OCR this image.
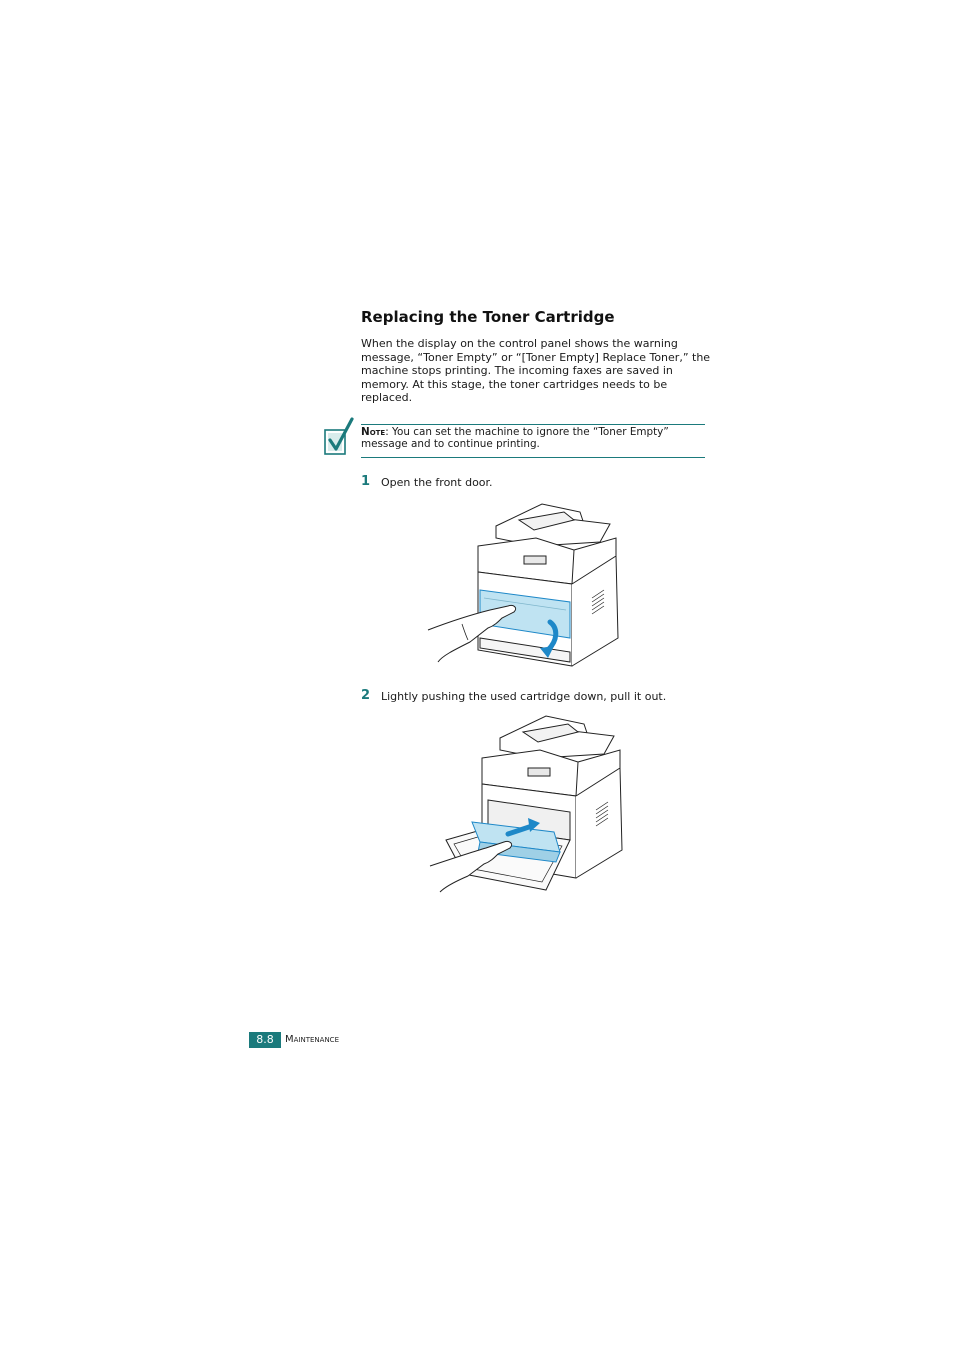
Replacing the Toner Cartridge
When the display on the control panel shows the warning
message, “Toner Empty” or “[Toner Empty] Replace Toner,” the
machine stops printing. The incoming faxes are saved in
memory. At this stage, the toner cartridges needs to be
replaced.
Note: You can set the machine to ignore the “Toner Empty”
message and to continue printing.
1 Open the front door.
2 Lightly pushing the used cartridge down, pull it out.
8.8	Maintenance
